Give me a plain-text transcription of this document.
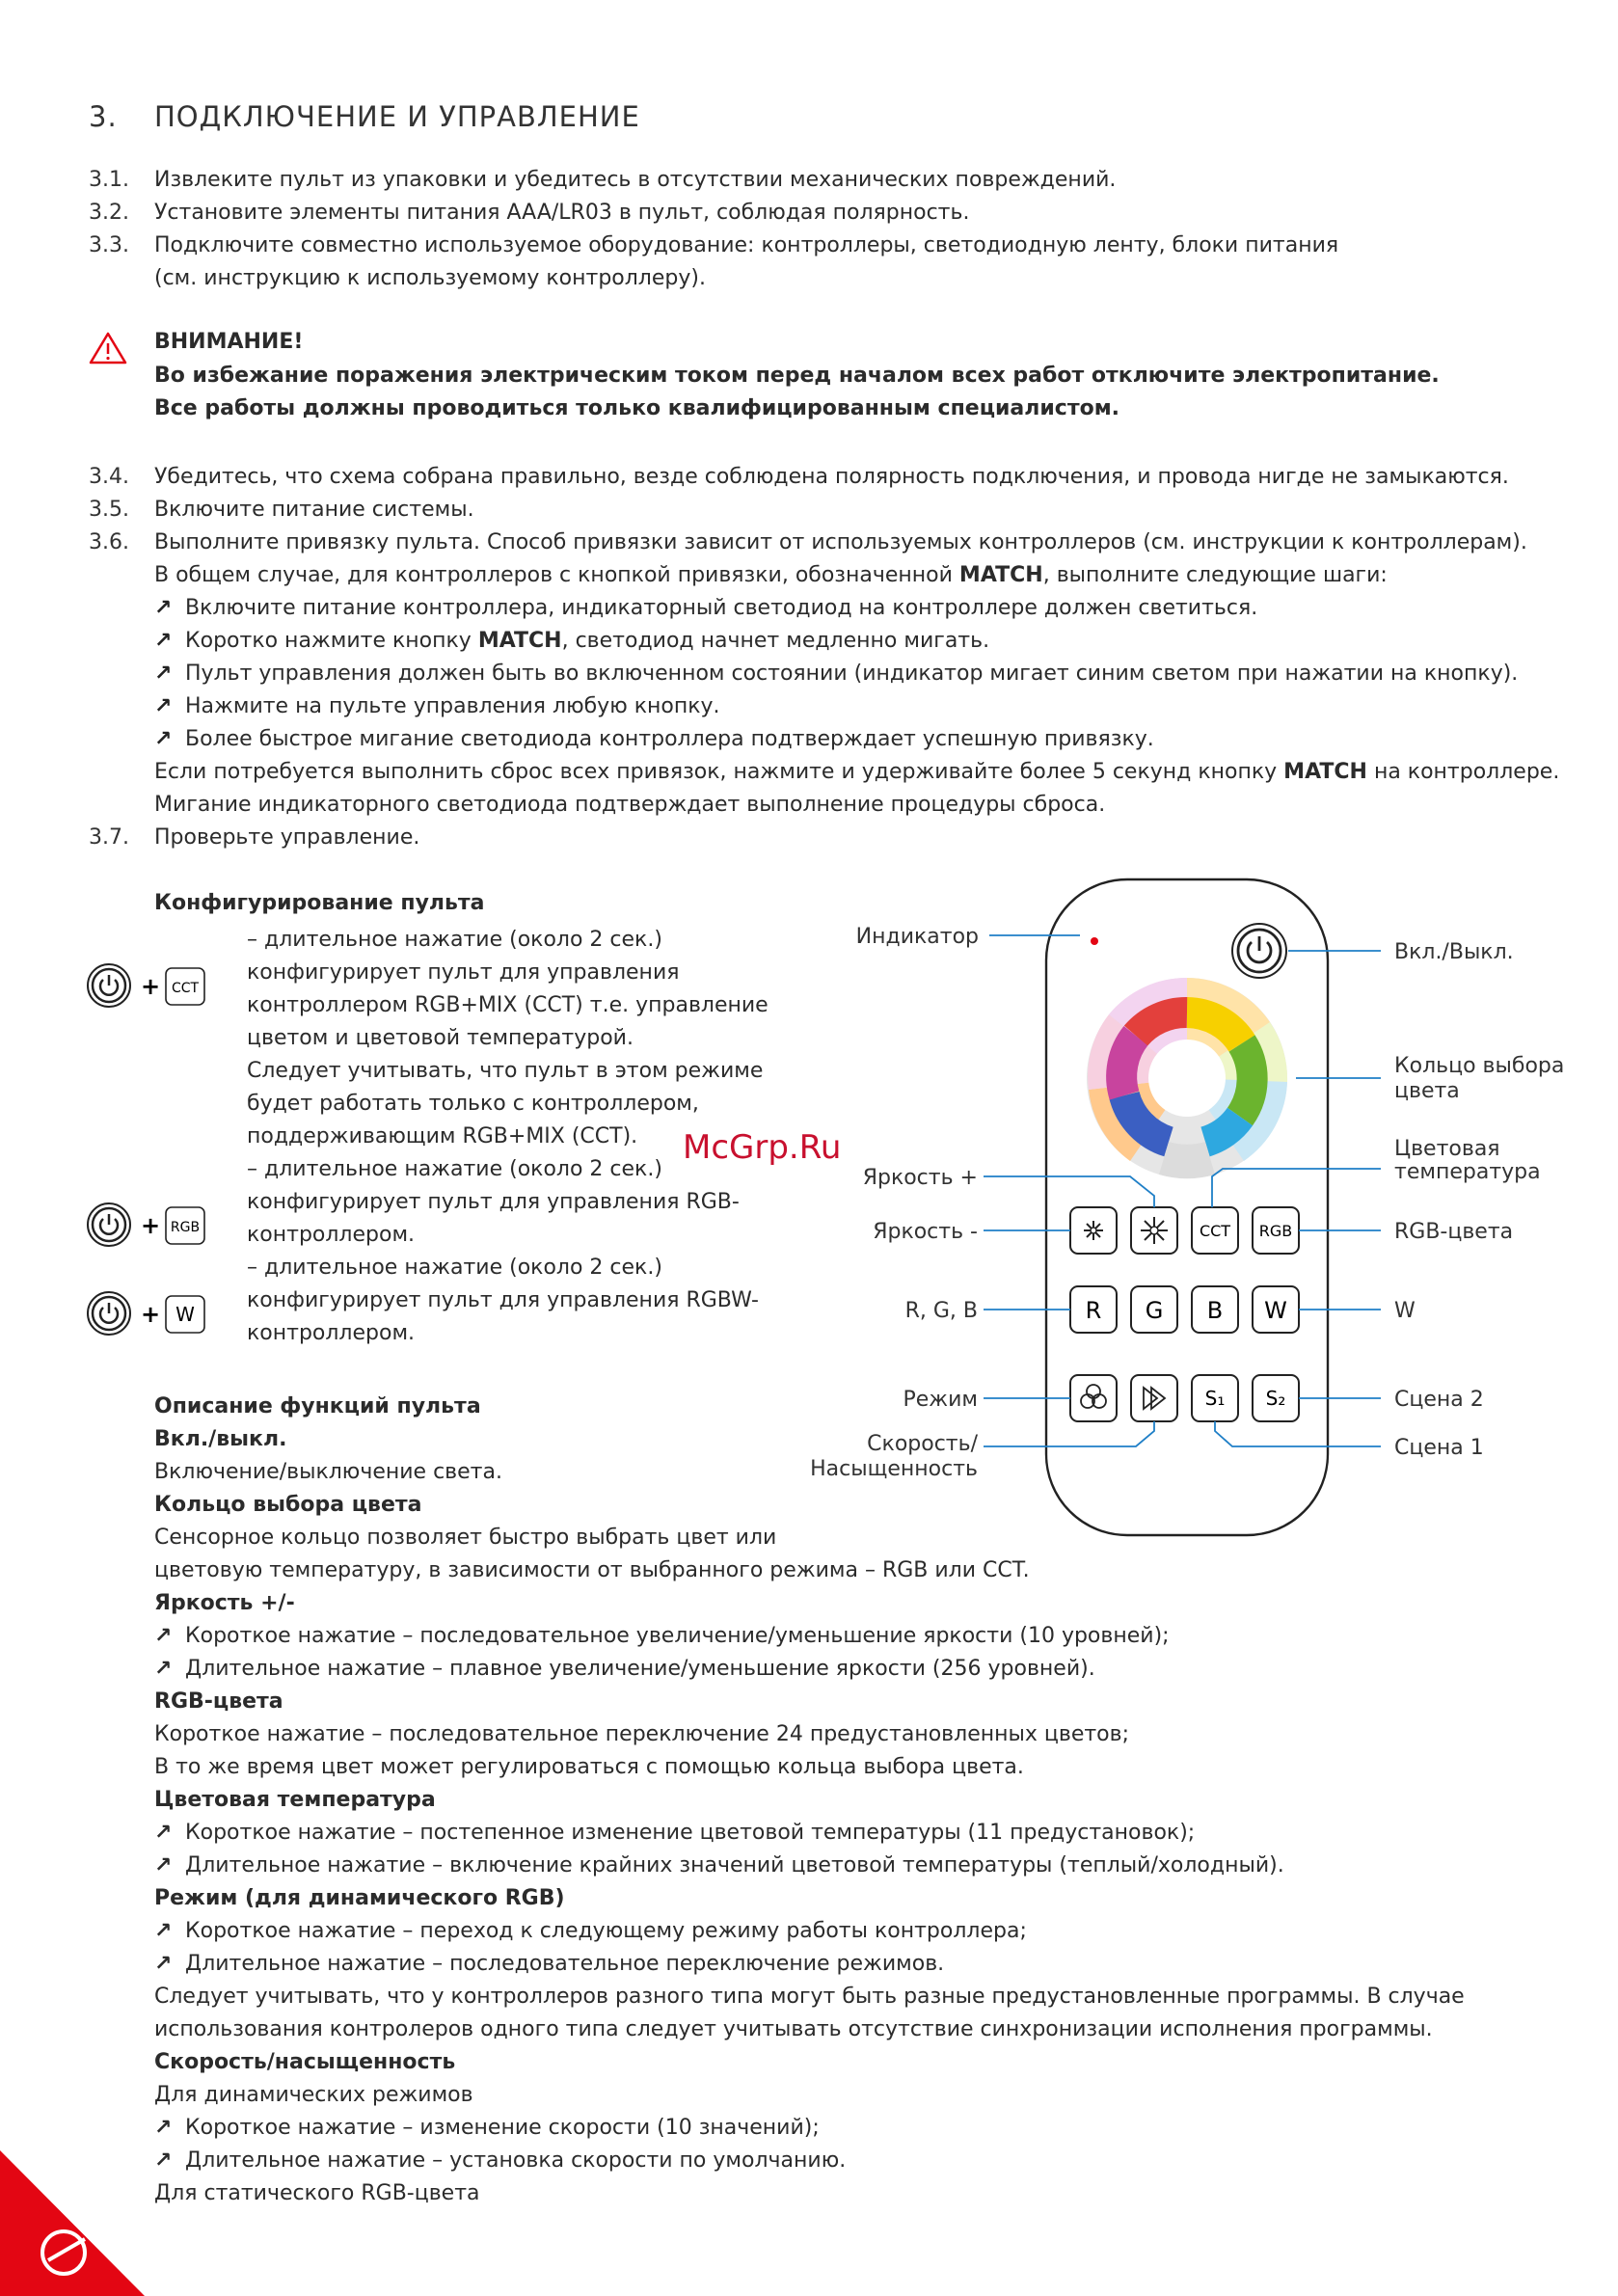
3. ПОДКЛЮЧЕНИЕ И УПРАВЛЕНИЕ
3.1. Извлеките пульт из упаковки и убедитесь в отсутствии механических повреждений.
3.2. Установите элементы питания AAA/LR03 в пульт, соблюдая полярность.
3.3. Подключите совместно используемое оборудование: контроллеры, светодиодную ленту, блоки питания
(см. инструкцию к используемому контроллеру).
ВНИМАНИЕ!
Во избежание поражения электрическим током перед началом всех работ отключите электропитание.
Все работы должны проводиться только квалифицированным специалистом.
3.4. Убедитесь, что схема собрана правильно, везде соблюдена полярность подключения, и провода нигде не замыкаются.
3.5. Включите питание системы.
3.6. Выполните привязку пульта. Способ привязки зависит от используемых контроллеров (см. инструкции к контроллерам).
В общем случае, для контроллеров с кнопкой привязки, обозначенной MATCH, выполните следующие шаги:
↗ Включите питание контроллера, индикаторный светодиод на контроллере должен светиться.
↗ Коротко нажмите кнопку MATCH, светодиод начнет медленно мигать.
↗ Пульт управления должен быть во включенном состоянии (индикатор мигает синим светом при нажатии на кнопку).
↗ Нажмите на пульте управления любую кнопку.
↗ Более быстрое мигание светодиода контроллера подтверждает успешную привязку.
Если потребуется выполнить сброс всех привязок, нажмите и удерживайте более 5 секунд кнопку MATCH на контроллере.
Мигание индикаторного светодиода подтверждает выполнение процедуры сброса.
3.7. Проверьте управление.
Конфигурирование пульта
+ CCT
+ RGB
+ W
– длительное нажатие (около 2 сек.)
конфигурирует пульт для управления
контроллером RGB+MIX (CCT) т.е. управление
цветом и цветовой температурой.
Следует учитывать, что пульт в этом режиме
будет работать только с контроллером,
поддерживающим RGB+MIX (CCT).
– длительное нажатие (около 2 сек.)
конфигурирует пульт для управления RGB-
контроллером.
– длительное нажатие (около 2 сек.)
конфигурирует пульт для управления RGBW-
контроллером.
McGrp.Ru
CCT RGB
R G B W
S₁ S₂
Индикатор
Вкл./Выкл.
Кольцо выбора
цвета
Цветовая
температура
Яркость +
Яркость -	RGB-цвета
R, G, B	W
Режим	Сцена 2
Скорость/
Насыщенность
Сцена 1
Описание функций пульта
Вкл./выкл.
Включение/выключение света.
Кольцо выбора цвета
Сенсорное кольцо позволяет быстро выбрать цвет или
цветовую температуру, в зависимости от выбранного режима – RGB или CCT.
Яркость +/-
↗ Короткое нажатие – последовательное увеличение/уменьшение яркости (10 уровней);
↗ Длительное нажатие – плавное увеличение/уменьшение яркости (256 уровней).
RGB-цвета
Короткое нажатие – последовательное переключение 24 предустановленных цветов;
В то же время цвет может регулироваться с помощью кольца выбора цвета.
Цветовая температура
↗ Короткое нажатие – постепенное изменение цветовой температуры (11 предустановок);
↗ Длительное нажатие – включение крайних значений цветовой температуры (теплый/холодный).
Режим (для динамического RGB)
↗ Короткое нажатие – переход к следующему режиму работы контроллера;
↗ Длительное нажатие – последовательное переключение режимов.
Следует учитывать, что у контроллеров разного типа могут быть разные предустановленные программы. В случае
использования контролеров одного типа следует учитывать отсутствие синхронизации исполнения программы.
Скорость/насыщенность
Для динамических режимов
↗ Короткое нажатие – изменение скорости (10 значений);
↗ Длительное нажатие – установка скорости по умолчанию.
Для статического RGB-цвета
